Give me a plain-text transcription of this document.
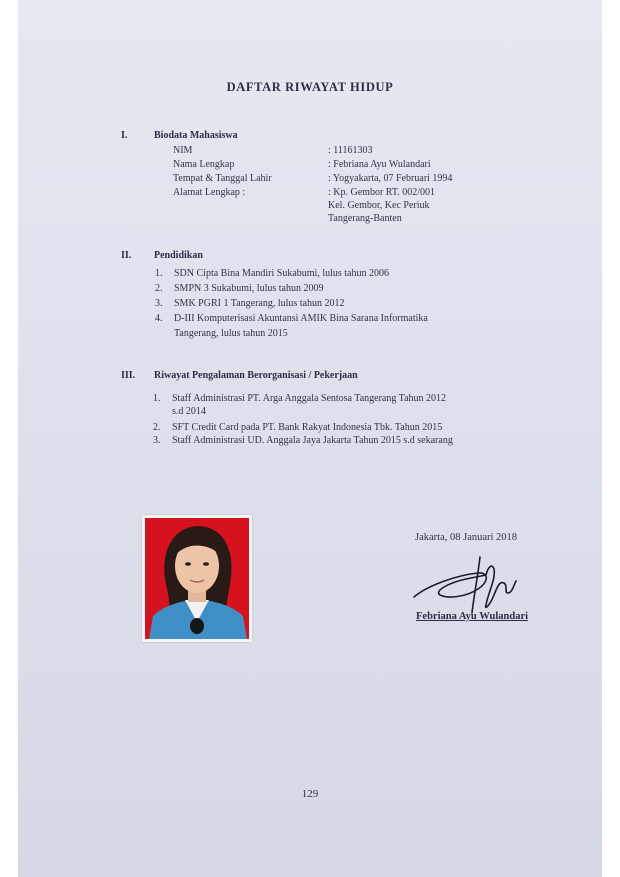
DAFTAR RIWAYAT HIDUP
I.	Biodata Mahasiswa
NIM	: 11161303
Nama Lengkap	: Febriana Ayu Wulandari
Tempat & Tanggal Lahir	: Yogyakarta, 07 Februari 1994
Alamat Lengkap :	: Kp. Gembor RT. 002/001
Kel. Gembor, Kec Periuk
Tangerang-Banten
II. Pendidikan
1. SDN Cipta Bina Mandiri Sukabumi, lulus tahun 2006
2. SMPN 3 Sukabumi, lulus tahun 2009
3. SMK PGRI 1 Tangerang, lulus tahun 2012
4. D-III Komputerisasi Akuntansi AMIK Bina Sarana Informatika
Tangerang, lulus tahun 2015
III. Riwayat Pengalaman Berorganisasi / Pekerjaan
1. Staff Administrasi PT. Arga Anggala Sentosa Tangerang Tahun 2012
s.d 2014
2. SFT Credit Card pada PT. Bank Rakyat Indonesia Tbk. Tahun 2015
3. Staff Administrasi UD. Anggala Jaya Jakarta Tahun 2015 s.d sekarang
Jakarta, 08 Januari 2018
Febriana Ayu Wulandari
129
